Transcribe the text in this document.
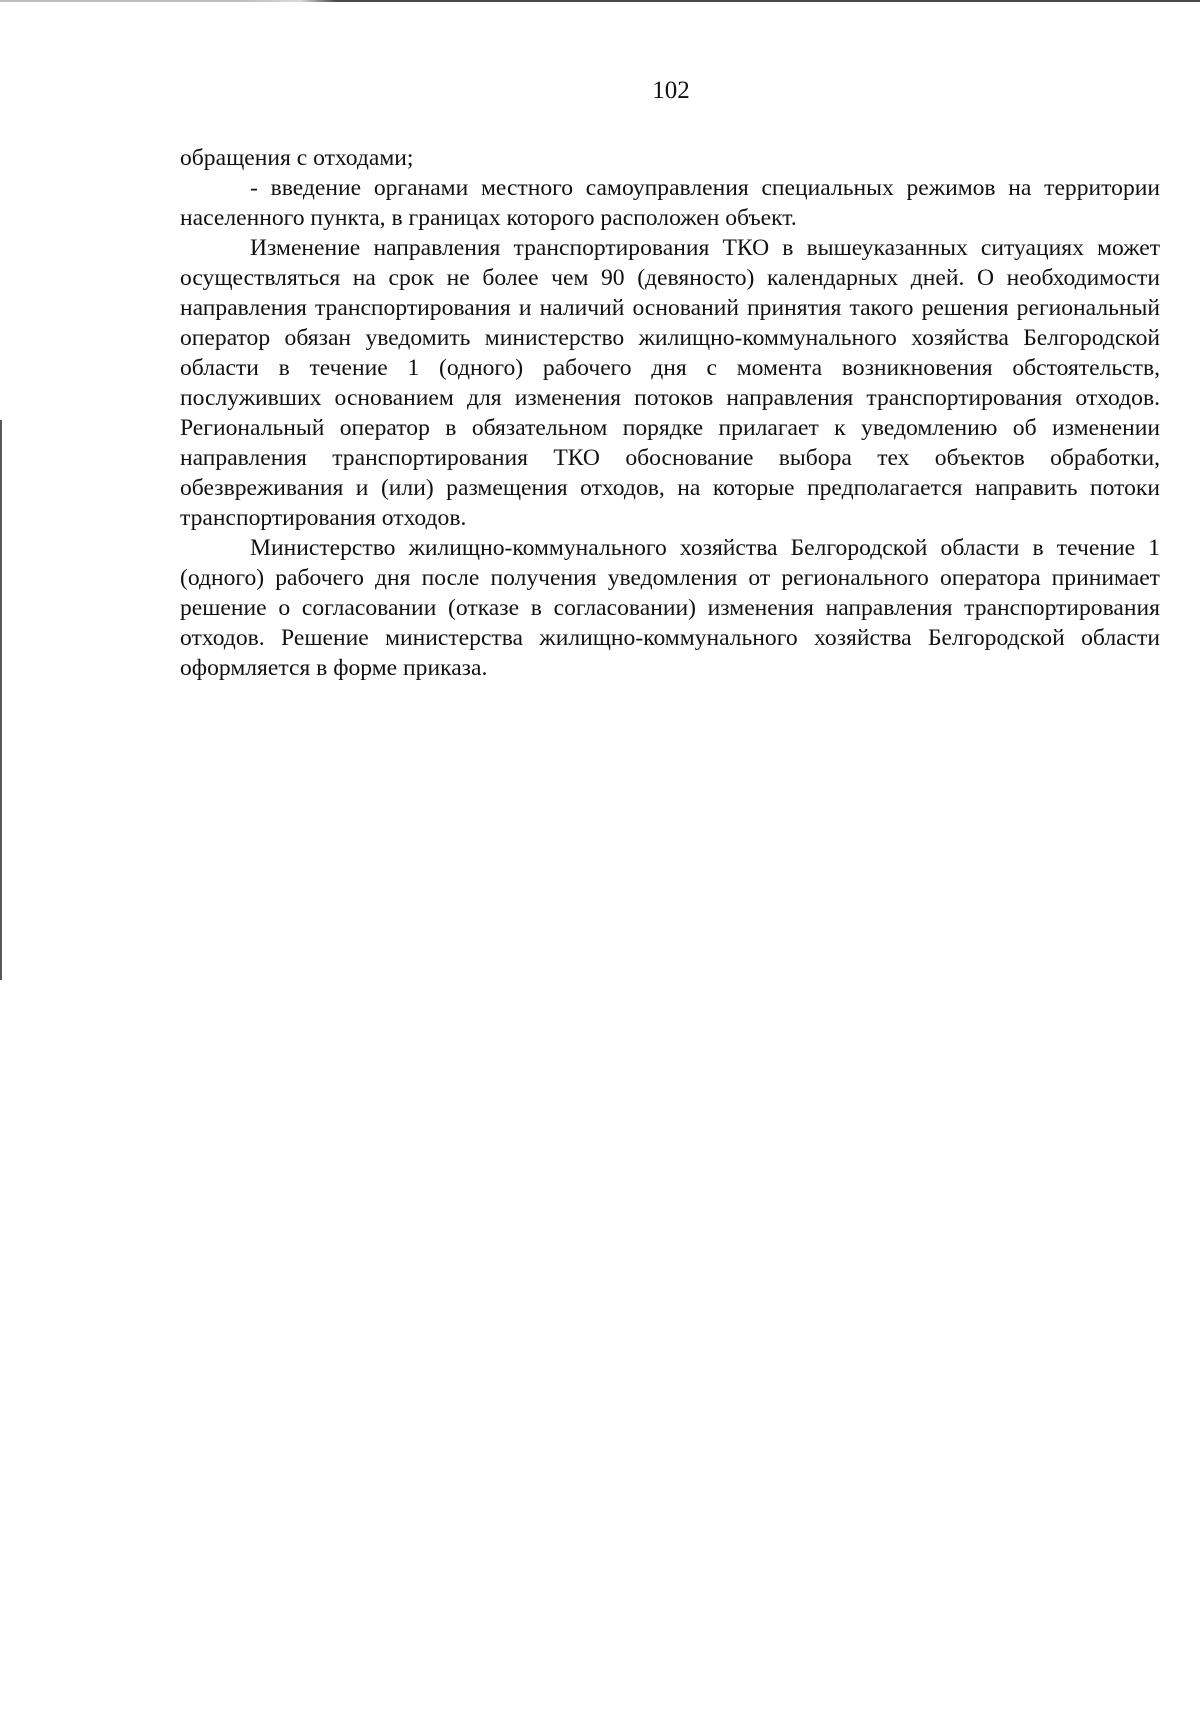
102

обращения с отходами;

- введение органами местного самоуправления специальных режимов на территории населенного пункта, в границах которого расположен объект.

Изменение направления транспортирования ТКО в вышеуказанных ситуациях может осуществляться на срок не более чем 90 (девяносто) календарных дней. О необходимости направления транспортирования и наличий оснований принятия такого решения региональный оператор обязан уведомить министерство жилищно-коммунального хозяйства Белгородской области в течение 1 (одного) рабочего дня с момента возникновения обстоятельств, послуживших основанием для изменения потоков направления транспортирования отходов. Региональный оператор в обязательном порядке прилагает к уведомлению об изменении направления транспортирования ТКО обоснование выбора тех объектов обработки, обезвреживания и (или) размещения отходов, на которые предполагается направить потоки транспортирования отходов.

Министерство жилищно-коммунального хозяйства Белгородской области в течение 1 (одного) рабочего дня после получения уведомления от регионального оператора принимает решение о согласовании (отказе в согласовании) изменения направления транспортирования отходов. Решение министерства жилищно-коммунального хозяйства Белгородской области оформляется в форме приказа.
